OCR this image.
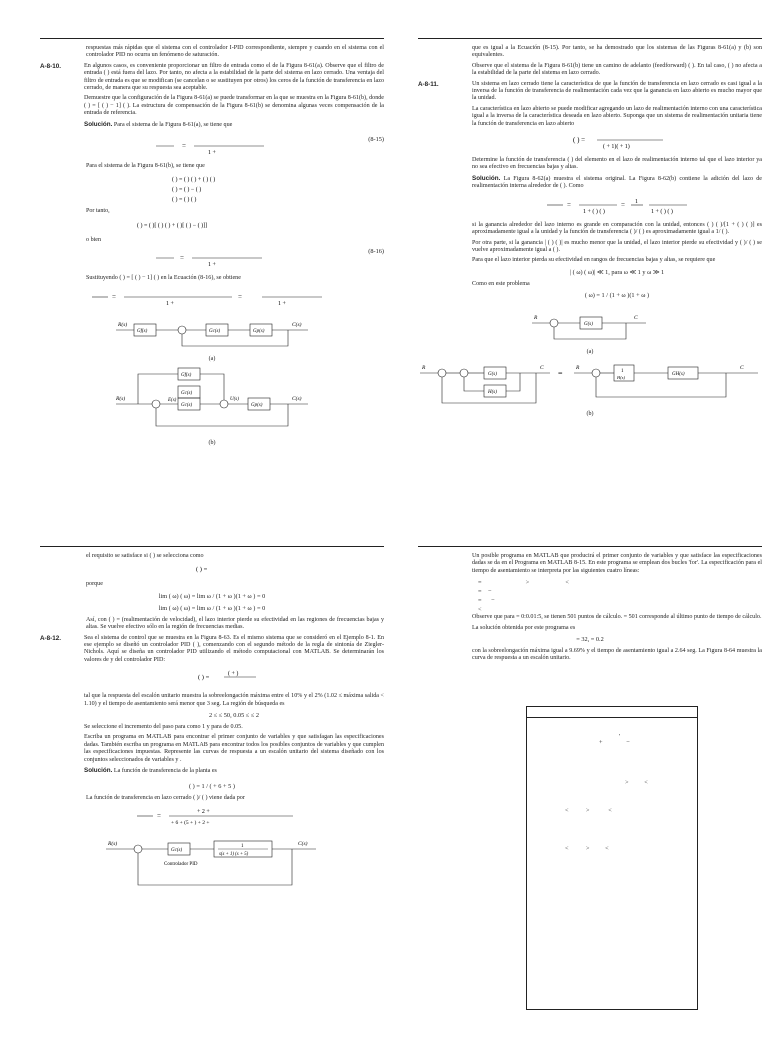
respuestas más rápidas que el sistema con el controlador I-PID correspondiente, siempre y cuando en el sistema con el controlador PID no ocurra un fenómeno de saturación.

A-8-10.	En algunos casos, es conveniente proporcionar un filtro de entrada como el de la Figura 8-61(a). Observe que el filtro de entrada ( ) está fuera del lazo. Por tanto, no afecta a la estabilidad de la parte del sistema en lazo cerrado. Una ventaja del filtro de entrada es que se modifican (se cancelan o se sustituyen por otros) los ceros de la función de transferencia en lazo cerrado, de manera que su respuesta sea aceptable.

Demuestre que la configuración de la Figura 8-61(a) se puede transformar en la que se muestra en la Figura 8-61(b), donde ( ) = [ ( ) − 1] ( ). La estructura de compensación de la Figura 8-61(b) se denomina algunas veces compensación de la entrada de referencia.

Solución. Para el sistema de la Figura 8-61(a), se tiene que

=
1 +
(8-15)

Para el sistema de la Figura 8-61(b), se tiene que

( ) = ( ) ( ) + ( ) ( )
( ) = ( ) − ( )
( ) = ( ) ( )

Por tanto,

( ) = ( )[ ( ) ( ) + ( )[ ( ) − ( )]]

o bien

=
1 +
(8-16)

Sustituyendo ( ) = [ ( ) − 1] ( ) en la Ecuación (8-16), se obtiene

=
1 +
=
1 +
R(s)
Gf(s)	Gc(s)	Gp(s)
C(s)
(a)
Gf(s)
Gc(s)
R(s)
Gc(s)	Gp(s)
C(s)
E(s)	U(s)
(b)

que es igual a la Ecuación (8-15). Por tanto, se ha demostrado que los sistemas de las Figuras 8-61(a) y (b) son equivalentes.

Observe que el sistema de la Figura 8-61(b) tiene un camino de adelanto (feedforward) ( ). En tal caso, ( ) no afecta a la estabilidad de la parte del sistema en lazo cerrado.

A-8-11.	Un sistema en lazo cerrado tiene la característica de que la función de transferencia en lazo cerrado es casi igual a la inversa de la función de transferencia de realimentación cada vez que la ganancia en lazo abierto es mucho mayor que la unidad.

La característica en lazo abierto se puede modificar agregando un lazo de realimentación interno con una característica igual a la inversa de la característica deseada en lazo abierto. Suponga que un sistema de realimentación unitaria tiene la función de transferencia en lazo abierto

( ) =
( + 1)( + 1)

Determine la función de transferencia ( ) del elemento en el lazo de realimentación interno tal que el lazo interior ya no sea efectivo en frecuencias bajas y altas.

Solución. La Figura 8-62(a) muestra el sistema original. La Figura 8-62(b) contiene la adición del lazo de realimentación interna alrededor de ( ). Como

=
1 + ( ) ( )
= 1
1 + ( ) ( )

si la ganancia alrededor del lazo interno es grande en comparación con la unidad, entonces ( ) ( )/[1 + ( ) ( )] es aproximadamente igual a la unidad y la función de transferencia ( )/ ( ) es aproximadamente igual a 1/ ( ).

Por otra parte, si la ganancia | ( ) ( )| es mucho menor que la unidad, el lazo interior pierde su efectividad y ( )/ ( ) se vuelve aproximadamente igual a ( ).

Para que el lazo interior pierda su efectividad en rangos de frecuencias bajas y altas, se requiere que

| ( ω) ( ω)| ≪ 1, para ω ≪ 1 y ω ≫ 1

Como en este problema

( ω) = 1 / (1 + ω )(1 + ω )
R
G(s)
C
(a)
R
G(s)
H(s)
C
=
R
1
H(s)
GH(s)
C
(b)

el requisito se satisface si ( ) se selecciona como

( ) =

porque

lim ( ω) ( ω) = lim ω / (1 + ω )(1 + ω ) = 0
lim ( ω) ( ω) = lim ω / (1 + ω )(1 + ω ) = 0

Así, con ( ) = (realimentación de velocidad), el lazo interior pierde su efectividad en las regiones de frecuencias bajas y altas. Se vuelve efectivo sólo en la región de frecuencias medias.

A-8-12.	Sea el sistema de control que se muestra en la Figura 8-63. Es el mismo sistema que se consideró en el Ejemplo 8-1. En ese ejemplo se diseñó un controlador PID ( ), comenzando con el segundo método de la regla de sintonía de Ziegler-Nichols. Aquí se diseña un controlador PID utilizando el método computacional con MATLAB. Se determinarán los valores de y del controlador PID:

( ) =	( + )

tal que la respuesta del escalón unitario muestra la sobreelongación máxima entre el 10% y el 2% (1.02 ≤ máxima salida < 1.10) y el tiempo de asentamiento será menor que 3 seg. La región de búsqueda es

2 ≤ ≤ 50, 0.05 ≤ ≤ 2

Se seleccione el incremento del paso para como 1 y para de 0.05.

Escriba un programa en MATLAB para encontrar el primer conjunto de variables y que satisfagan las especificaciones dadas. También escriba un programa en MATLAB para encontrar todos los posibles conjuntos de variables y que cumplen las especificaciones impuestas. Represente las curvas de respuesta a un escalón unitario del sistema diseñado con los conjuntos seleccionados de variables y .

Solución. La función de transferencia de la planta es

( ) = 1 / ( + 6 + 5 )

La función de transferencia en lazo cerrado ( )/ ( ) viene dada por

=	+ 2 +
+ 6 + (5 + ) + 2 +
R(s)
Gc(s)
1
s(s + 1) (s + 5)
C(s)
Controlador PID

Un posible programa en MATLAB que producirá el primer conjunto de variables y que satisface las especificaciones dadas se da en el Programa en MATLAB 8-15. En este programa se emplean dos bucles 'for'. La especificación para el tiempo de asentamiento se interpreta por las siguientes cuatro líneas:

=                            >                       <
=    −
=      −
<

Observe que para = 0:0.01:5, se tienen 501 puntos de cálculo. = 501 corresponde al último punto de tiempo de cálculo.

La solución obtenida por este programa es

= 32, = 0.2

con la sobreelongación máxima igual a 9.69% y el tiempo de asentamiento igual a 2.64 seg. La Figura 8-64 muestra la curva de respuesta a un escalón unitario.

'
+               −
>          <
<           >            <
<           >          <
